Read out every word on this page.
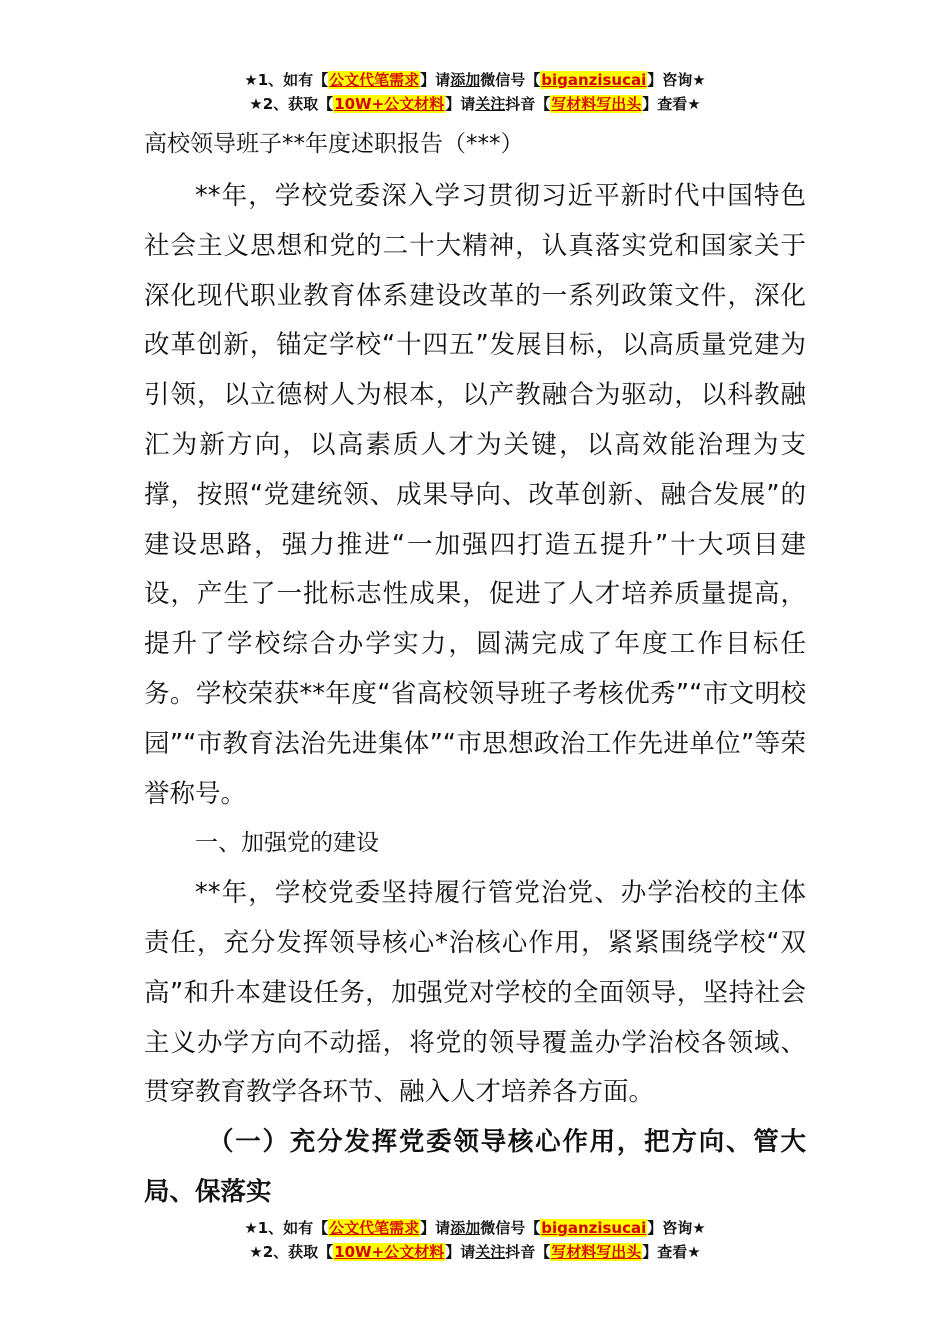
★1、如有【公文代笔需求】请添加微信号【biganzisucai】咨询★
★2、获取【10W+公文材料】请关注抖音【写材料写出头】查看★

高校领导班子**年度述职报告（***）

**年，学校党委深入学习贯彻习近平新时代中国特色社会主义思想和党的二十大精神，认真落实党和国家关于深化现代职业教育体系建设改革的一系列政策文件，深化改革创新，锚定学校“十四五”发展目标，以高质量党建为引领，以立德树人为根本，以产教融合为驱动，以科教融汇为新方向，以高素质人才为关键，以高效能治理为支撑，按照“党建统领、成果导向、改革创新、融合发展”的建设思路，强力推进“一加强四打造五提升”十大项目建设，产生了一批标志性成果，促进了人才培养质量提高，提升了学校综合办学实力，圆满完成了年度工作目标任务。学校荣获**年度“省高校领导班子考核优秀”“市文明校园”“市教育法治先进集体”“市思想政治工作先进单位”等荣誉称号。

一、加强党的建设

**年，学校党委坚持履行管党治党、办学治校的主体责任，充分发挥领导核心*治核心作用，紧紧围绕学校“双高”和升本建设任务，加强党对学校的全面领导，坚持社会主义办学方向不动摇，将党的领导覆盖办学治校各领域、贯穿教育教学各环节、融入人才培养各方面。

（一）充分发挥党委领导核心作用，把方向、管大局、保落实

★1、如有【公文代笔需求】请添加微信号【biganzisucai】咨询★
★2、获取【10W+公文材料】请关注抖音【写材料写出头】查看★
